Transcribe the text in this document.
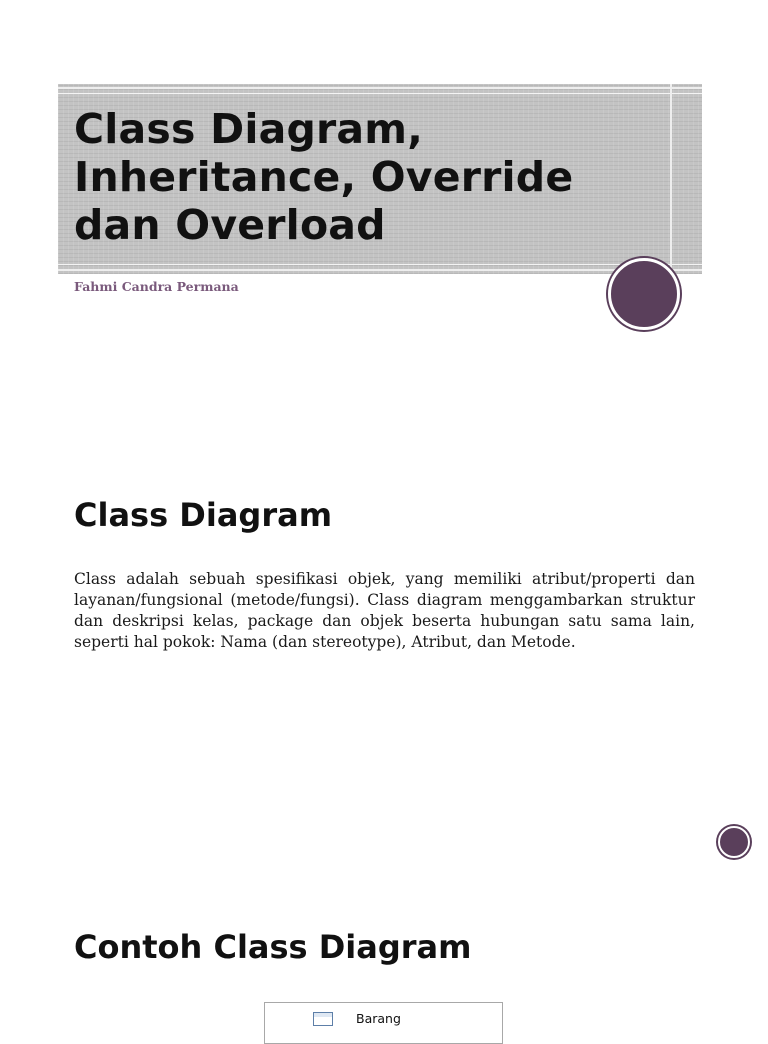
Class Diagram,
Inheritance, Override
dan Overload
Fahmi Candra Permana
Class Diagram

Class adalah sebuah spesifikasi objek, yang memiliki atribut/properti dan layanan/fungsional (metode/fungsi). Class diagram menggambarkan struktur dan deskripsi kelas, package dan objek beserta hubungan satu sama lain, seperti hal pokok: Nama (dan stereotype), Atribut, dan Metode.

Contoh Class Diagram
Barang
